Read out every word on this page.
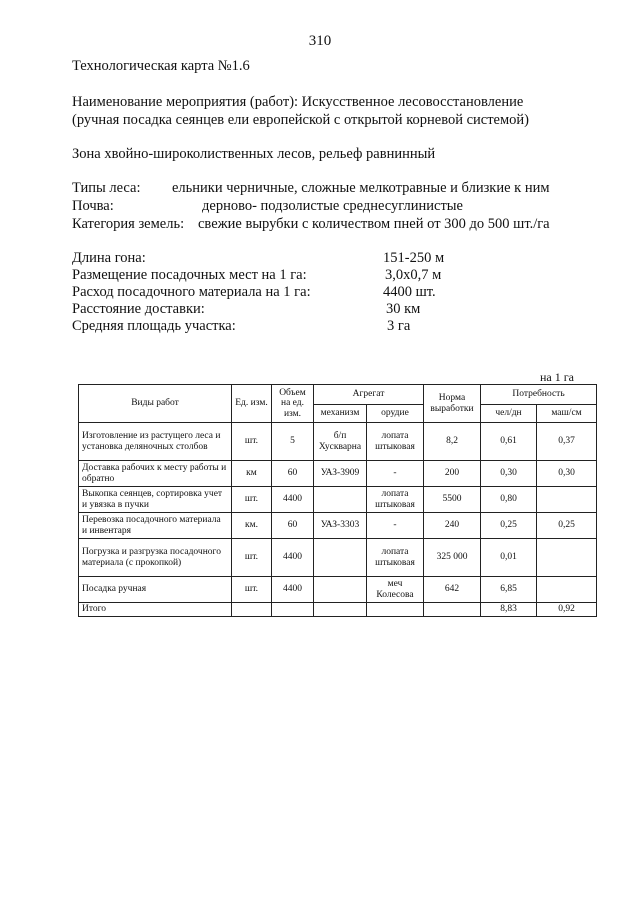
310
Технологическая карта №1.6
Наименование мероприятия (работ): Искусственное лесовосстановление
(ручная посадка сеянцев ели европейской с открытой корневой системой)
Зона хвойно-широколиственных лесов, рельеф равнинный
Типы леса: ельники черничные, сложные мелкотравные и близкие к ним
Почва:	дерново- подзолистые среднесуглинистые
Категория земель: свежие вырубки с количеством пней от 300 до 500 шт./га
Длина гона:	151-250 м
Размещение посадочных мест на 1 га:	3,0х0,7 м
Расход посадочного материала на 1 га:	4400 шт.
Расстояние доставки:	30 км
Средняя площадь участка:	3 га
на 1 га
Виды работ	Ед. изм.	Объем на ед. изм.	Агрегат		Норма выработки	Потребность	
			механизм	орудие		чел/дн	маш/см
Изготовление из растущего леса и установка деляночных столбов	шт.	5	б/п Хускварна	лопата штыковая	8,2	0,61	0,37
Доставка рабочих к месту работы и обратно	км	60	УАЗ-3909	-	200	0,30	0,30
Выкопка сеянцев, сортировка учет и увязка в пучки	шт.	4400		лопата штыковая	5500	0,80	
Перевозка посадочного материала и инвентаря	км.	60	УАЗ-3303	-	240	0,25	0,25
Погрузка и разгрузка посадочного материала (с прокопкой)	шт.	4400		лопата штыковая	325 000	0,01	
Посадка ручная	шт.	4400		меч Колесова	642	6,85	
Итого						8,83	0,92
